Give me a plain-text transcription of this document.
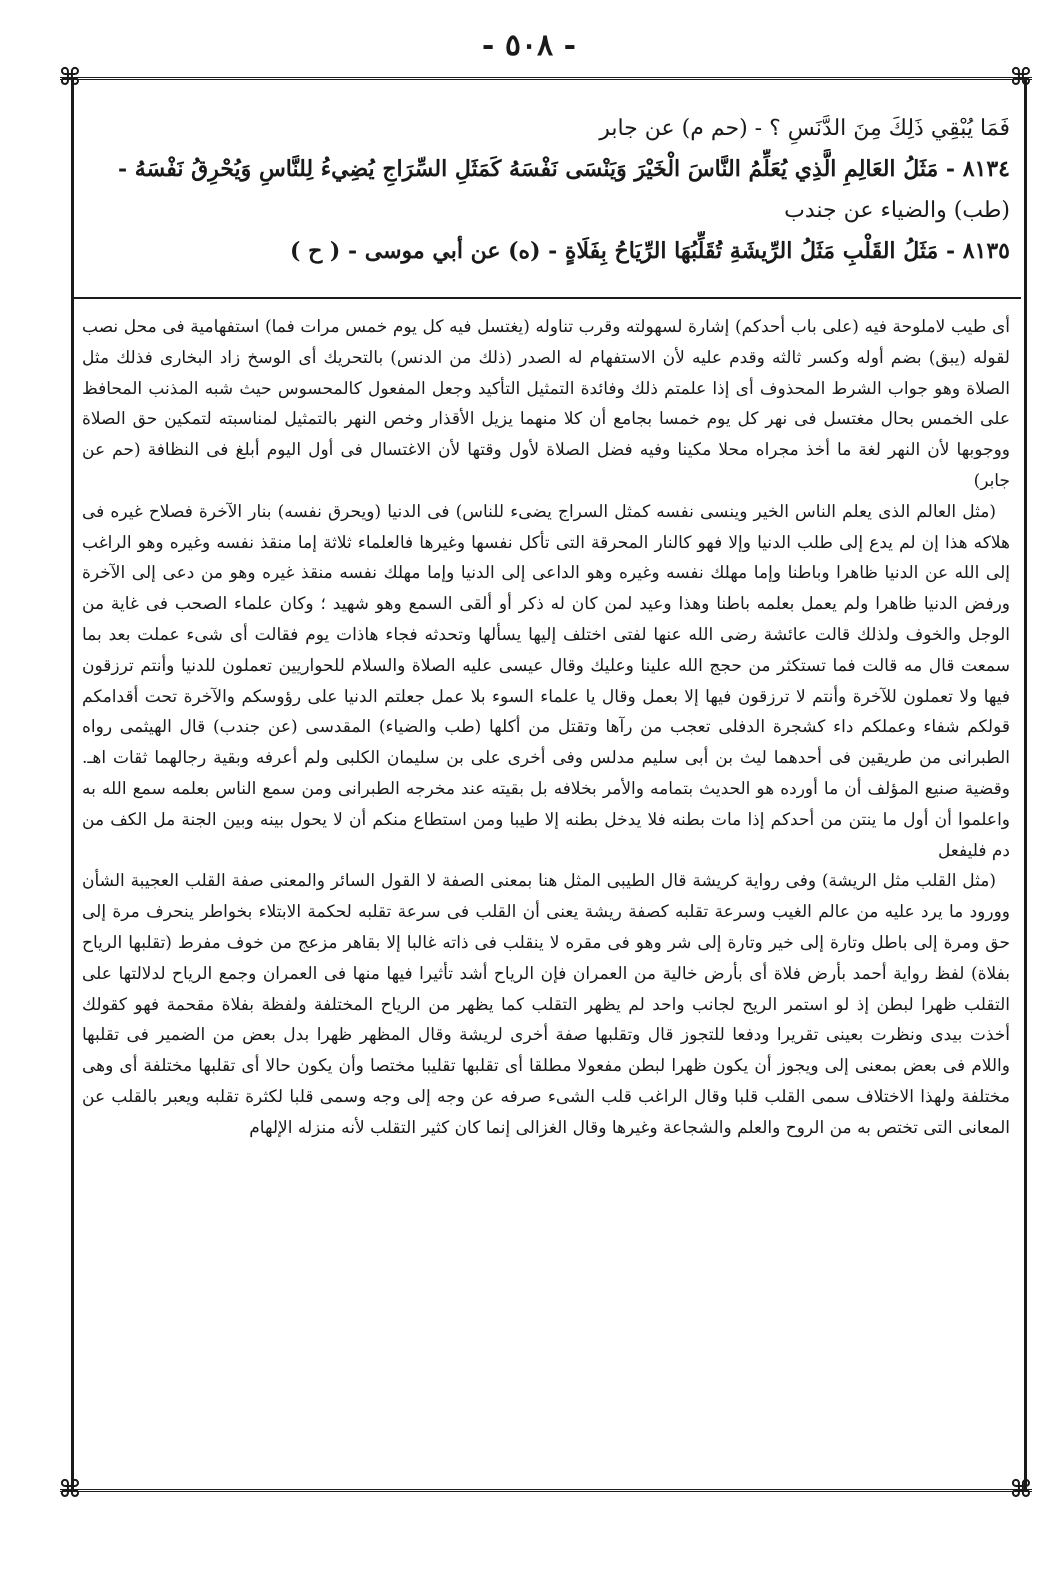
- ٥٠٨ -
⌘	⌘
⌘	⌘
فَمَا يُبْقِي ذَلِكَ مِنَ الدَّنَسِ ؟ - (حم م) عن جابر
٨١٣٤ - مَثَلُ العَالِمِ الَّذِي يُعَلِّمُ النَّاسَ الْخَيْرَ وَيَنْسَى نَفْسَهُ كَمَثَلِ السِّرَاجِ يُضِيءُ لِلنَّاسِ وَيُحْرِقُ نَفْسَهُ -
(طب) والضياء عن جندب
٨١٣٥ - مَثَلُ القَلْبِ مَثَلُ الرِّيشَةِ تُقَلِّبُهَا الرِّيَاحُ بِفَلَاةٍ - (ه) عن أبي موسى - ( ح )

أى طيب لاملوحة فيه (على باب أحدكم) إشارة لسهولته وقرب تناوله (يغتسل فيه كل يوم خمس مرات فما) استفهامية فى محل نصب لقوله (يبق) بضم أوله وكسر ثالثه وقدم عليه لأن الاستفهام له الصدر (ذلك من الدنس) بالتحريك أى الوسخ زاد البخارى فذلك مثل الصلاة وهو جواب الشرط المحذوف أى إذا علمتم ذلك وفائدة التمثيل التأكيد وجعل المفعول كالمحسوس حيث شبه المذنب المحافظ على الخمس بحال مغتسل فى نهر كل يوم خمسا بجامع أن كلا منهما يزيل الأقذار وخص النهر بالتمثيل لمناسبته لتمكين حق الصلاة ووجوبها لأن النهر لغة ما أخذ مجراه محلا مكينا وفيه فضل الصلاة لأول وقتها لأن الاغتسال فى أول اليوم أبلغ فى النظافة (حم عن جابر)

(مثل العالم الذى يعلم الناس الخير وينسى نفسه كمثل السراج يضىء للناس) فى الدنيا (ويحرق نفسه) بنار الآخرة فصلاح غيره فى هلاكه هذا إن لم يدع إلى طلب الدنيا وإلا فهو كالنار المحرقة التى تأكل نفسها وغيرها فالعلماء ثلاثة إما منقذ نفسه وغيره وهو الراغب إلى الله عن الدنيا ظاهرا وباطنا وإما مهلك نفسه وغيره وهو الداعى إلى الدنيا وإما مهلك نفسه منقذ غيره وهو من دعى إلى الآخرة ورفض الدنيا ظاهرا ولم يعمل بعلمه باطنا وهذا وعيد لمن كان له ذكر أو ألقى السمع وهو شهيد ؛ وكان علماء الصحب فى غاية من الوجل والخوف ولذلك قالت عائشة رضى الله عنها لفتى اختلف إليها يسألها وتحدثه فجاء هاذات يوم فقالت أى شىء عملت بعد بما سمعت قال مه قالت فما تستكثر من حجج الله علينا وعليك وقال عيسى عليه الصلاة والسلام للحواريين تعملون للدنيا وأنتم ترزقون فيها ولا تعملون للآخرة وأنتم لا ترزقون فيها إلا بعمل وقال يا علماء السوء بلا عمل جعلتم الدنيا على رؤوسكم والآخرة تحت أقدامكم قولكم شفاء وعملكم داء كشجرة الدفلى تعجب من رآها وتقتل من أكلها (طب والضياء) المقدسى (عن جندب) قال الهيثمى رواه الطبرانى من طريقين فى أحدهما ليث بن أبى سليم مدلس وفى أخرى على بن سليمان الكلبى ولم أعرفه وبقية رجالهما ثقات اهـ. وقضية صنيع المؤلف أن ما أورده هو الحديث بتمامه والأمر بخلافه بل بقيته عند مخرجه الطبرانى ومن سمع الناس بعلمه سمع الله به واعلموا أن أول ما ينتن من أحدكم إذا مات بطنه فلا يدخل بطنه إلا طيبا ومن استطاع منكم أن لا يحول بينه وبين الجنة مل الكف من دم فليفعل

(مثل القلب مثل الريشة) وفى رواية كريشة قال الطيبى المثل هنا بمعنى الصفة لا القول السائر والمعنى صفة القلب العجيبة الشأن وورود ما يرد عليه من عالم الغيب وسرعة تقلبه كصفة ريشة يعنى أن القلب فى سرعة تقلبه لحكمة الابتلاء بخواطر ينحرف مرة إلى حق ومرة إلى باطل وتارة إلى خير وتارة إلى شر وهو فى مقره لا ينقلب فى ذاته غالبا إلا بقاهر مزعج من خوف مفرط (تقلبها الرياح بفلاة) لفظ رواية أحمد بأرض فلاة أى بأرض خالية من العمران فإن الرياح أشد تأثيرا فيها منها فى العمران وجمع الرياح لدلالتها على التقلب ظهرا لبطن إذ لو استمر الريح لجانب واحد لم يظهر التقلب كما يظهر من الرياح المختلفة ولفظة بفلاة مقحمة فهو كقولك أخذت بيدى ونظرت بعينى تقريرا ودفعا للتجوز قال وتقلبها صفة أخرى لريشة وقال المظهر ظهرا بدل بعض من الضمير فى تقلبها واللام فى بعض بمعنى إلى ويجوز أن يكون ظهرا لبطن مفعولا مطلقا أى تقلبها تقليبا مختصا وأن يكون حالا أى تقلبها مختلفة أى وهى مختلفة ولهذا الاختلاف سمى القلب قلبا وقال الراغب قلب الشىء صرفه عن وجه إلى وجه وسمى قلبا لكثرة تقلبه ويعبر بالقلب عن المعانى التى تختص به من الروح والعلم والشجاعة وغيرها وقال الغزالى إنما كان كثير التقلب لأنه منزله الإلهام
